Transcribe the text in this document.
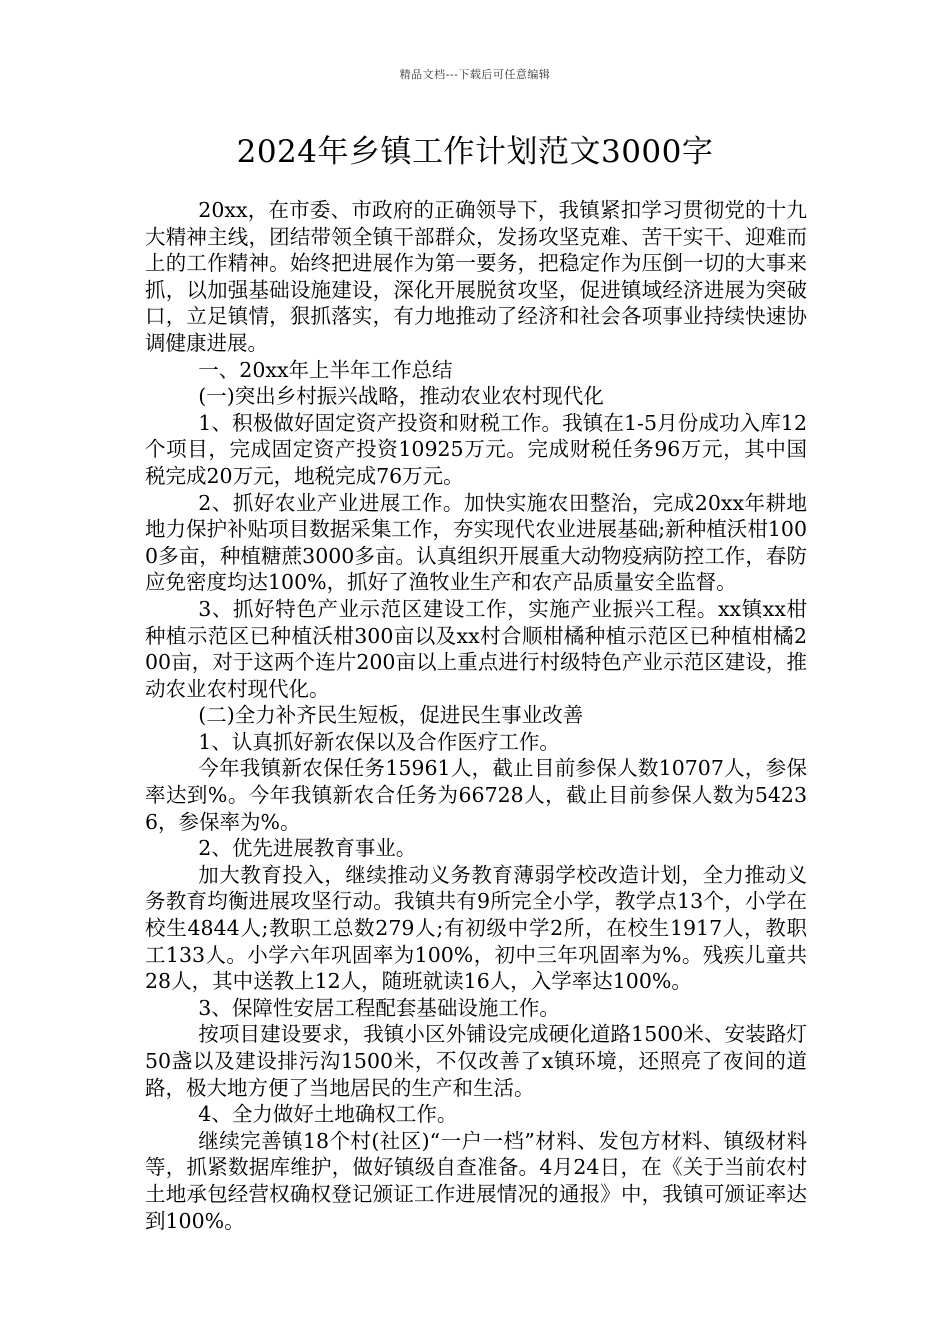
精品文档---下载后可任意编辑
2024年乡镇工作计划范文3000字

20xx，在市委、市政府的正确领导下，我镇紧扣学习贯彻党的十九大精神主线，团结带领全镇干部群众，发扬攻坚克难、苦干实干、迎难而上的工作精神。始终把进展作为第一要务，把稳定作为压倒一切的大事来抓，以加强基础设施建设，深化开展脱贫攻坚，促进镇域经济进展为突破口，立足镇情，狠抓落实，有力地推动了经济和社会各项事业持续快速协调健康进展。

一、20xx年上半年工作总结

(一)突出乡村振兴战略，推动农业农村现代化

1、积极做好固定资产投资和财税工作。我镇在1-5月份成功入库12个项目，完成固定资产投资10925万元。完成财税任务96万元，其中国税完成20万元，地税完成76万元。

2、抓好农业产业进展工作。加快实施农田整治，完成20xx年耕地地力保护补贴项目数据采集工作，夯实现代农业进展基础;新种植沃柑1000多亩，种植糖蔗3000多亩。认真组织开展重大动物疫病防控工作，春防应免密度均达100%，抓好了渔牧业生产和农产品质量安全监督。

3、抓好特色产业示范区建设工作，实施产业振兴工程。xx镇xx柑种植示范区已种植沃柑300亩以及xx村合顺柑橘种植示范区已种植柑橘200亩，对于这两个连片200亩以上重点进行村级特色产业示范区建设，推动农业农村现代化。

(二)全力补齐民生短板，促进民生事业改善

1、认真抓好新农保以及合作医疗工作。

今年我镇新农保任务15961人，截止目前参保人数10707人，参保率达到%。今年我镇新农合任务为66728人，截止目前参保人数为54236，参保率为%。

2、优先进展教育事业。

加大教育投入，继续推动义务教育薄弱学校改造计划，全力推动义务教育均衡进展攻坚行动。我镇共有9所完全小学，教学点13个，小学在校生4844人;教职工总数279人;有初级中学2所，在校生1917人，教职工133人。小学六年巩固率为100%，初中三年巩固率为%。残疾儿童共28人，其中送教上12人，随班就读16人，入学率达100%。

3、保障性安居工程配套基础设施工作。

按项目建设要求，我镇小区外铺设完成硬化道路1500米、安装路灯50盏以及建设排污沟1500米，不仅改善了x镇环境，还照亮了夜间的道路，极大地方便了当地居民的生产和生活。

4、全力做好土地确权工作。

继续完善镇18个村(社区)“一户一档”材料、发包方材料、镇级材料等，抓紧数据库维护，做好镇级自查准备。4月24日，在《关于当前农村土地承包经营权确权登记颁证工作进展情况的通报》中，我镇可颁证率达到100%。
